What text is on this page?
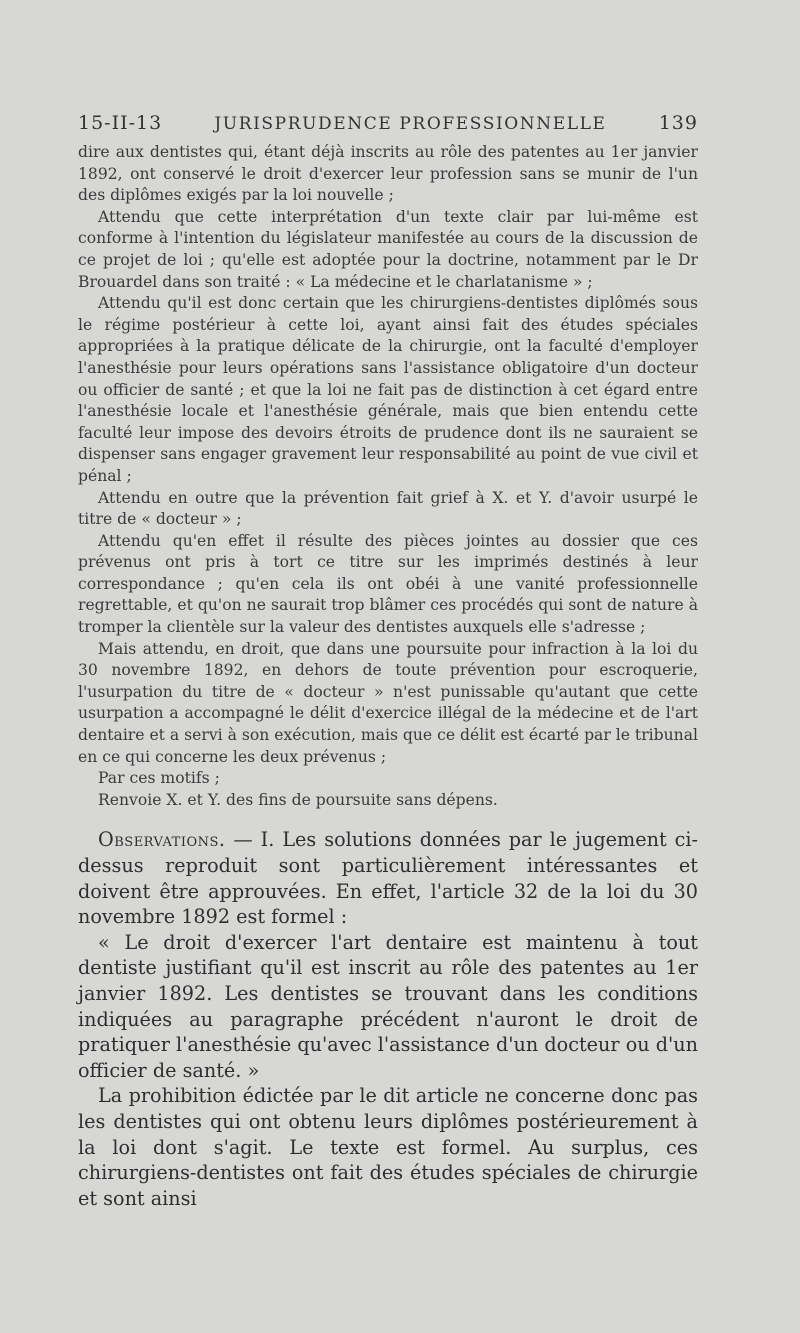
15-II-13	JURISPRUDENCE PROFESSIONNELLE	139

dire aux dentistes qui, étant déjà inscrits au rôle des patentes au 1er janvier 1892, ont conservé le droit d'exercer leur profession sans se munir de l'un des diplômes exigés par la loi nouvelle ;

Attendu que cette interprétation d'un texte clair par lui-même est conforme à l'intention du législateur manifestée au cours de la discussion de ce projet de loi ; qu'elle est adoptée pour la doctrine, notamment par le Dr Brouardel dans son traité : « La médecine et le charlatanisme » ;

Attendu qu'il est donc certain que les chirurgiens-dentistes diplômés sous le régime postérieur à cette loi, ayant ainsi fait des études spéciales appropriées à la pratique délicate de la chirurgie, ont la faculté d'employer l'anesthésie pour leurs opérations sans l'assistance obligatoire d'un docteur ou officier de santé ; et que la loi ne fait pas de distinction à cet égard entre l'anesthésie locale et l'anesthésie générale, mais que bien entendu cette faculté leur impose des devoirs étroits de prudence dont ils ne sauraient se dispenser sans engager gravement leur responsabilité au point de vue civil et pénal ;

Attendu en outre que la prévention fait grief à X. et Y. d'avoir usurpé le titre de « docteur » ;

Attendu qu'en effet il résulte des pièces jointes au dossier que ces prévenus ont pris à tort ce titre sur les imprimés destinés à leur correspondance ; qu'en cela ils ont obéi à une vanité professionnelle regrettable, et qu'on ne saurait trop blâmer ces procédés qui sont de nature à tromper la clientèle sur la valeur des dentistes auxquels elle s'adresse ;

Mais attendu, en droit, que dans une poursuite pour infraction à la loi du 30 novembre 1892, en dehors de toute prévention pour escroquerie, l'usurpation du titre de « docteur » n'est punissable qu'autant que cette usurpation a accompagné le délit d'exercice illégal de la médecine et de l'art dentaire et a servi à son exécution, mais que ce délit est écarté par le tribunal en ce qui concerne les deux prévenus ;

Par ces motifs ;

Renvoie X. et Y. des fins de poursuite sans dépens.

Observations. — I. Les solutions données par le jugement ci-dessus reproduit sont particulièrement intéressantes et doivent être approuvées. En effet, l'article 32 de la loi du 30 novembre 1892 est formel :

« Le droit d'exercer l'art dentaire est maintenu à tout dentiste justifiant qu'il est inscrit au rôle des patentes au 1er janvier 1892. Les dentistes se trouvant dans les conditions indiquées au paragraphe précédent n'auront le droit de pratiquer l'anesthésie qu'avec l'assistance d'un docteur ou d'un officier de santé. »

La prohibition édictée par le dit article ne concerne donc pas les dentistes qui ont obtenu leurs diplômes postérieurement à la loi dont s'agit. Le texte est formel. Au surplus, ces chirurgiens-dentistes ont fait des études spéciales de chirurgie et sont ainsi
